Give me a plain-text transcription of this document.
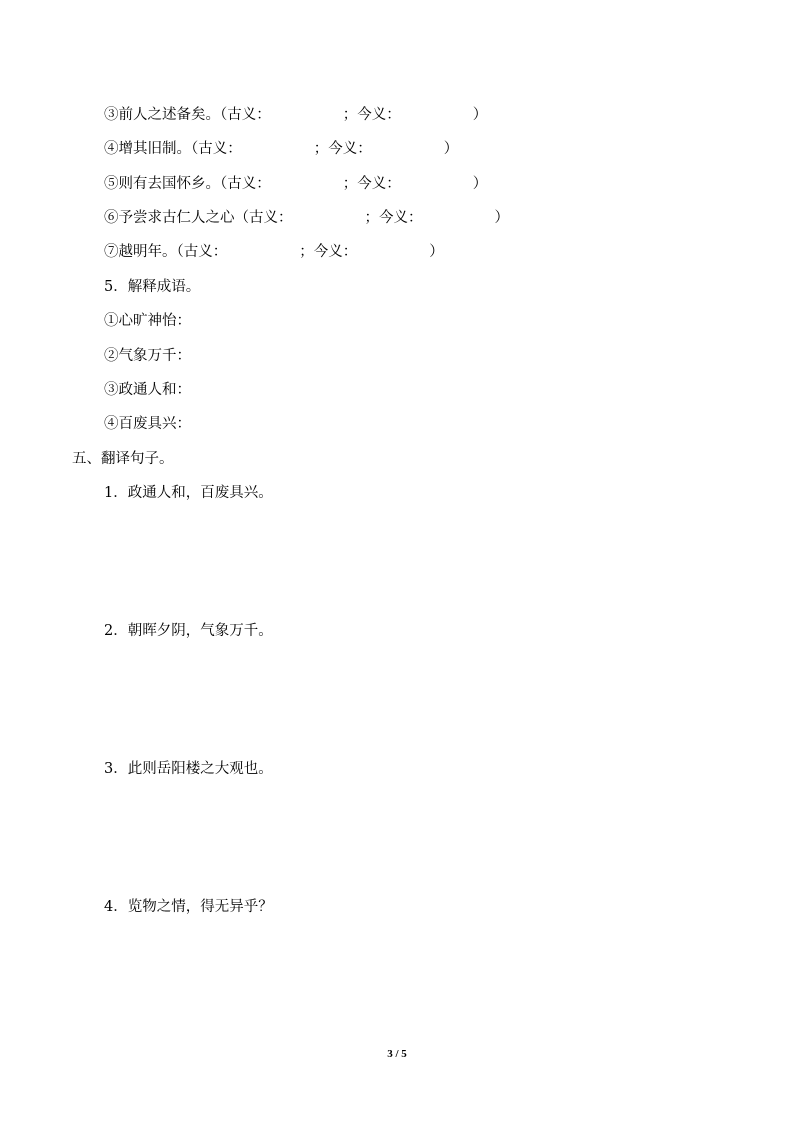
③前人之述备矣。（古义：	；今义：	）
④增其旧制。（古义：	；今义：	）
⑤则有去国怀乡。（古义：	；今义：	）
⑥予尝求古仁人之心（古义：	；今义：	）
⑦越明年。（古义：	；今义：	）
5．解释成语。
①心旷神怡：
②气象万千：
③政通人和：
④百废具兴：
五、翻译句子。
1．政通人和，百废具兴。
2．朝晖夕阴，气象万千。
3．此则岳阳楼之大观也。
4．览物之情，得无异乎？
3 / 5
